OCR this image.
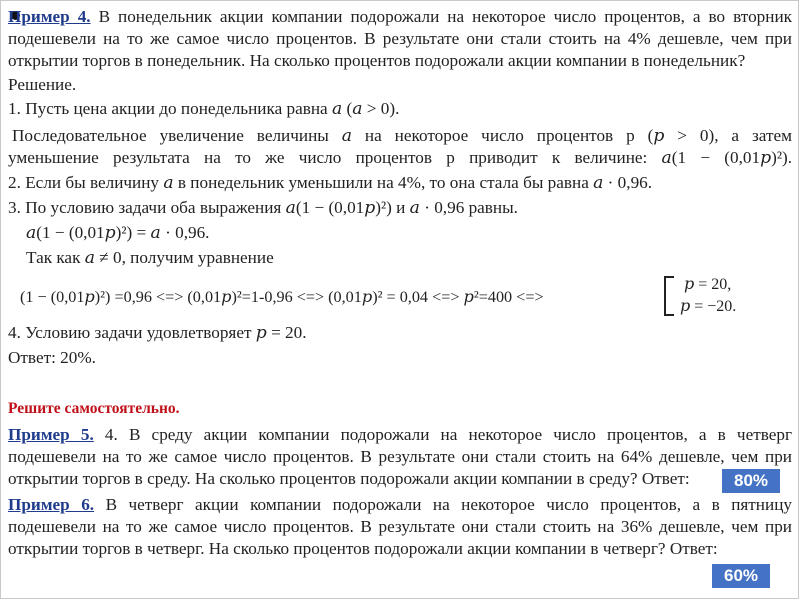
Пример 4. В понедельник акции компании подорожали на некоторое число процентов, а во вторник
подешевели на то же самое число процентов. В результате они стали стоить на 4% дешевле, чем при
открытии торгов в понедельник. На сколько процентов подорожали акции компании в понедельник?
Решение.
1. Пусть цена акции до понедельника равна 𝑎 (𝑎 > 0).
Последовательное увеличение величины 𝑎 на некоторое число процентов р (𝑝 > 0), а затем
уменьшение результата на то же число процентов р приводит к величине: 𝑎(1 − (0,01𝑝)²).
2. Если бы величину 𝑎 в понедельник уменьшили на 4%, то она стала бы равна 𝑎 · 0,96.
3. По условию задачи оба выражения 𝑎(1 − (0,01𝑝)²) и 𝑎 · 0,96 равны.
𝑎(1 − (0,01𝑝)²) = 𝑎 · 0,96.
Так как 𝑎 ≠ 0, получим уравнение
(1 − (0,01𝑝)²) =0,96 <=> (0,01𝑝)²=1-0,96 <=> (0,01𝑝)² = 0,04 <=> 𝑝²=400 <=>
𝑝 = 20,
𝑝 = −20.
4. Условию задачи удовлетворяет 𝑝 = 20.
Ответ: 20%.
Решите самостоятельно.
Пример 5. 4. В среду акции компании подорожали на некоторое число процентов, а в четверг
подешевели на то же самое число процентов. В результате они стали стоить на 64% дешевле, чем при
открытии торгов в среду. На сколько процентов подорожали акции компании в среду? Ответ:	80%
Пример 6. В четверг акции компании подорожали на некоторое число процентов, а в пятницу
подешевели на то же самое число процентов. В результате они стали стоить на 36% дешевле, чем при
открытии торгов в четверг. На сколько процентов подорожали акции компании в четверг? Ответ:
60%
